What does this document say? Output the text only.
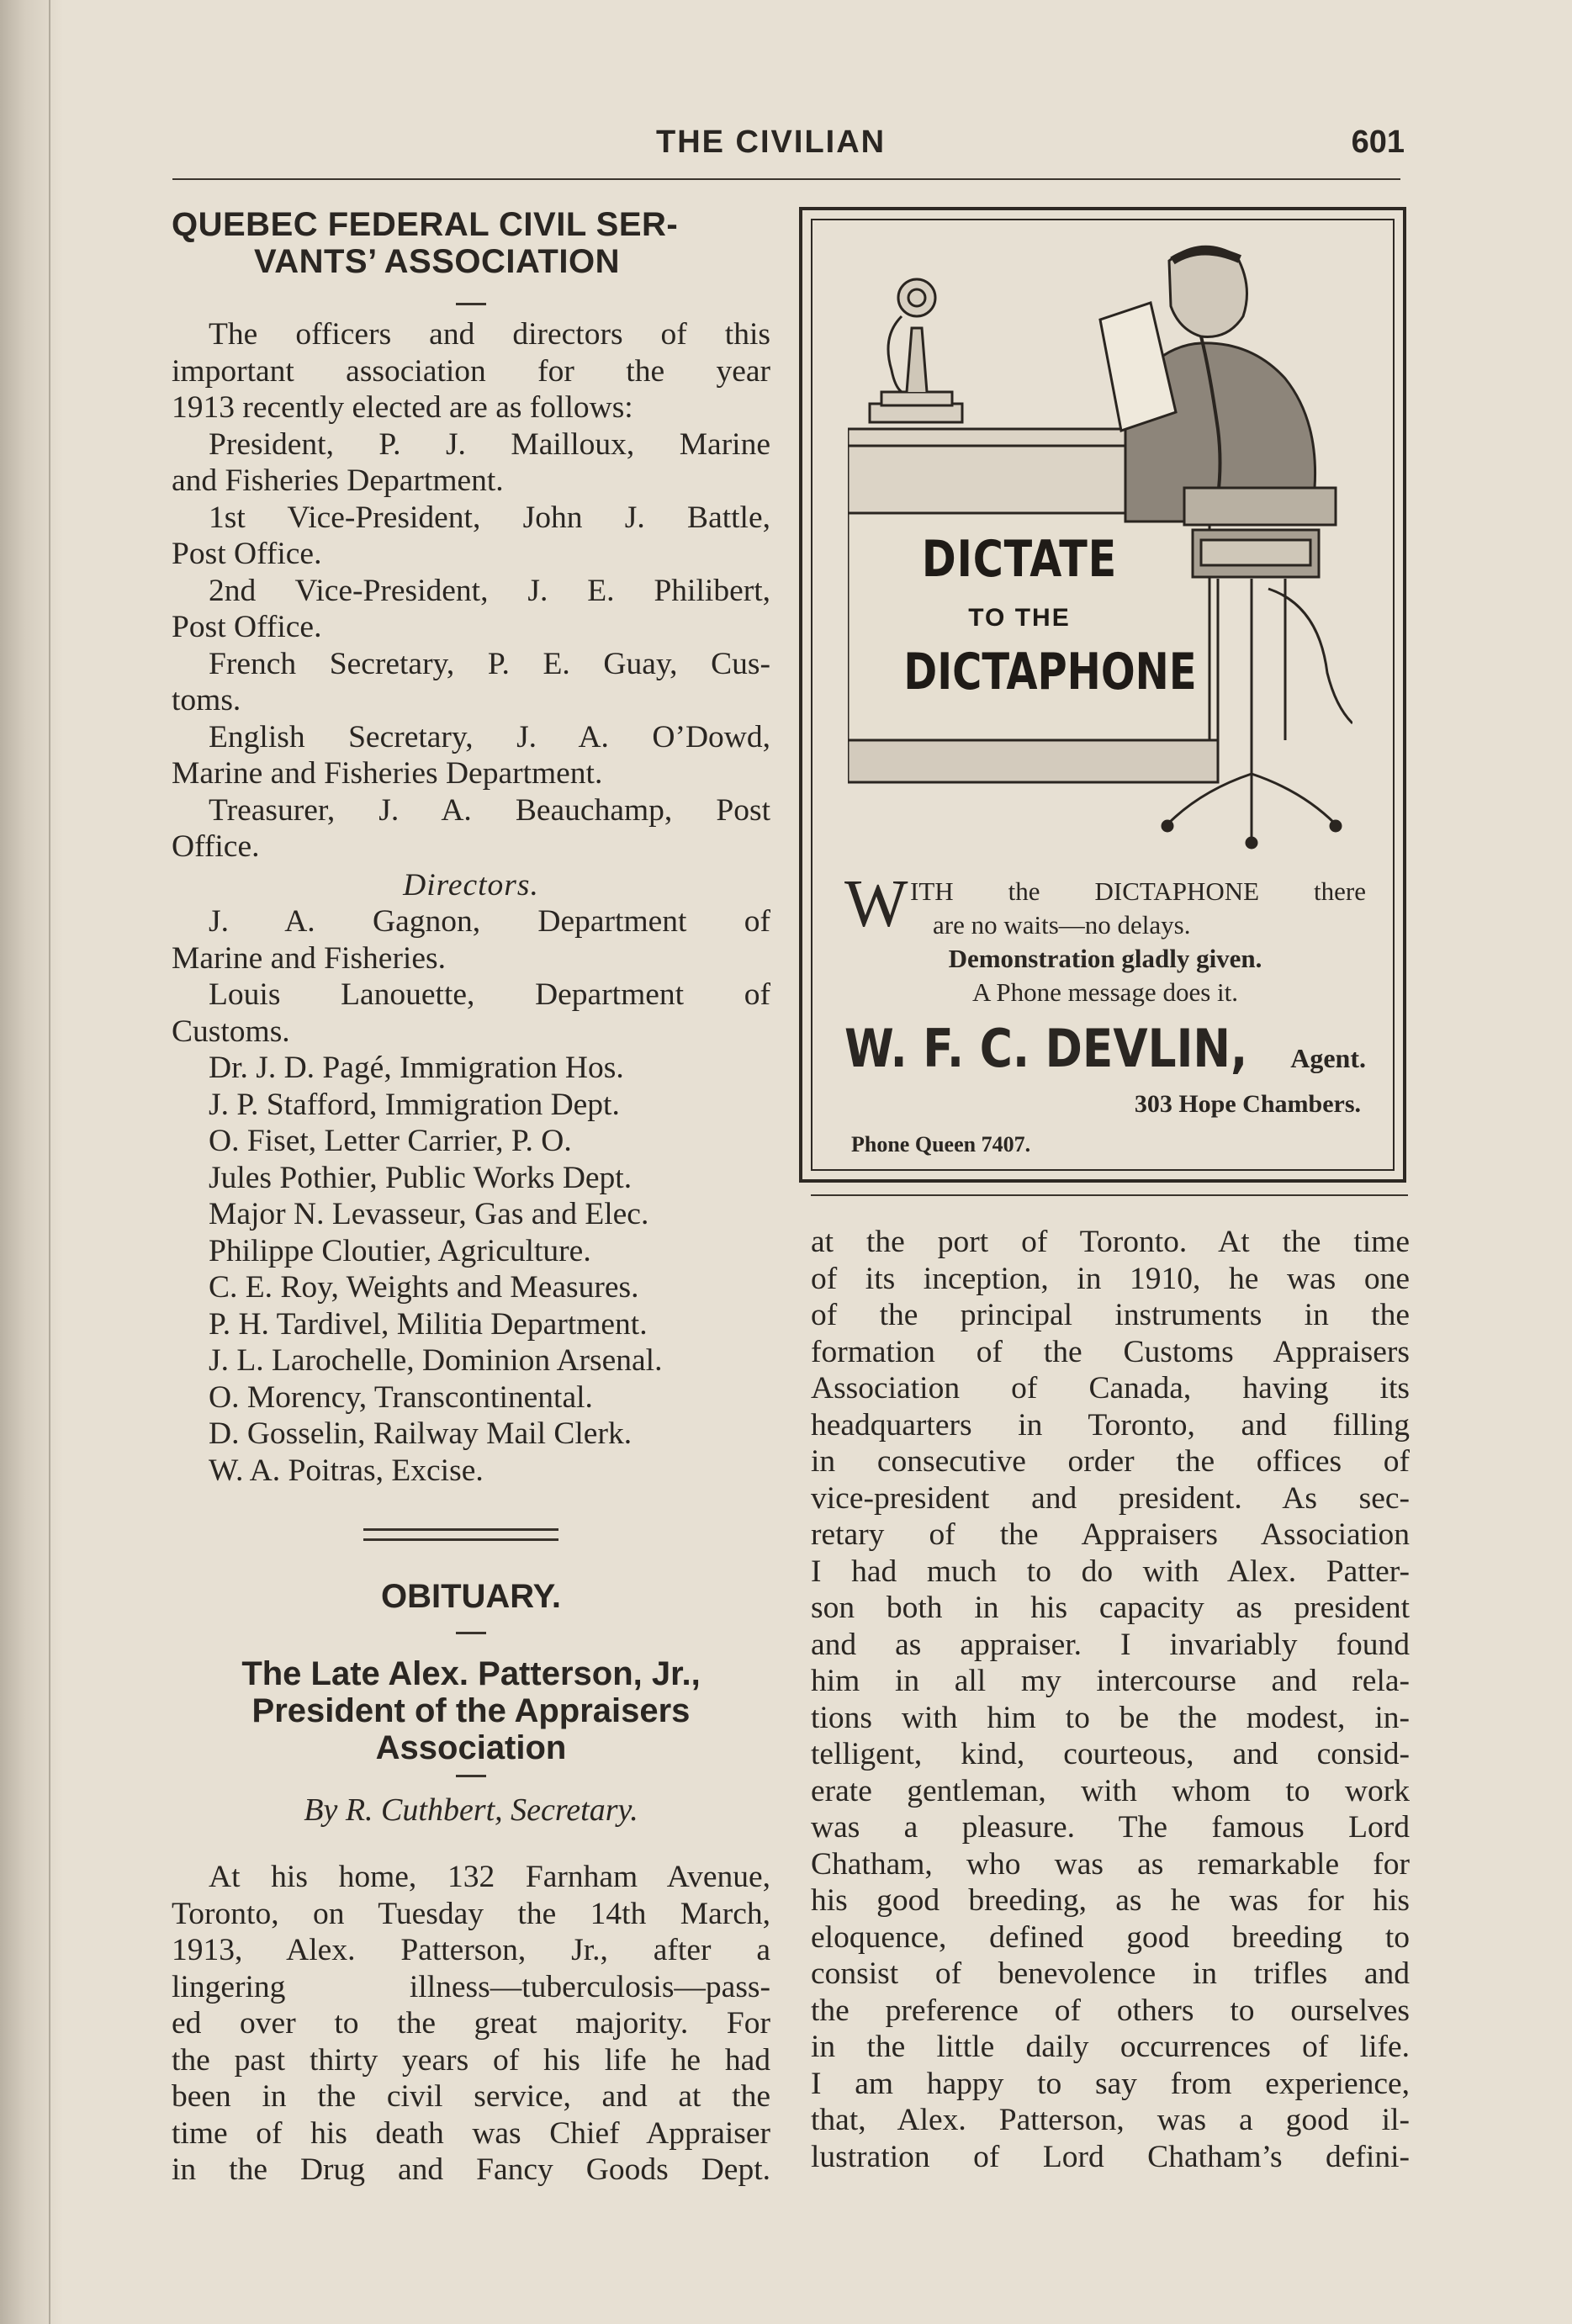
THE CIVILIAN	601
QUEBEC FEDERAL CIVIL SER-
VANTS’ ASSOCIATION

The officers and directors of this

important association for the year

1913 recently elected are as follows:

President, P. J. Mailloux, Marine

and Fisheries Department.

1st Vice-President, John J. Battle,

Post Office.

2nd Vice-President, J. E. Philibert,

Post Office.

French Secretary, P. E. Guay, Cus-

toms.

English Secretary, J. A. O’Dowd,

Marine and Fisheries Department.

Treasurer, J. A. Beauchamp, Post

Office.

Directors.

J. A. Gagnon, Department of

Marine and Fisheries.

Louis Lanouette, Department of

Customs.

Dr. J. D. Pagé, Immigration Hos.

J. P. Stafford, Immigration Dept.

O. Fiset, Letter Carrier, P. O.

Jules Pothier, Public Works Dept.

Major N. Levasseur, Gas and Elec.

Philippe Cloutier, Agriculture.

C. E. Roy, Weights and Measures.

P. H. Tardivel, Militia Department.

J. L. Larochelle, Dominion Arsenal.

O. Morency, Transcontinental.

D. Gosselin, Railway Mail Clerk.

W. A. Poitras, Excise.

OBITUARY.
The Late Alex. Patterson, Jr.,
President of the Appraisers
Association
By R. Cuthbert, Secretary.

At his home, 132 Farnham Avenue,

Toronto, on Tuesday the 14th March,

1913, Alex. Patterson, Jr., after a

lingering illness—tuberculosis—pass-

ed over to the great majority. For

the past thirty years of his life he had

been in the civil service, and at the

time of his death was Chief Appraiser

in the Drug and Fancy Goods Dept.

DICTATE
TO THE
DICTAPHONE
W ITH the DICTAPHONE there
are no waits—no delays.
Demonstration gladly given.
A Phone message does it.
W. F. C. DEVLIN, Agent.
303 Hope Chambers.
Phone Queen 7407.

at the port of Toronto. At the time

of its inception, in 1910, he was one

of the principal instruments in the

formation of the Customs Appraisers

Association of Canada, having its

headquarters in Toronto, and filling

in consecutive order the offices of

vice-president and president. As sec-

retary of the Appraisers Association

I had much to do with Alex. Patter-

son both in his capacity as president

and as appraiser. I invariably found

him in all my intercourse and rela-

tions with him to be the modest, in-

telligent, kind, courteous, and consid-

erate gentleman, with whom to work

was a pleasure. The famous Lord

Chatham, who was as remarkable for

his good breeding, as he was for his

eloquence, defined good breeding to

consist of benevolence in trifles and

the preference of others to ourselves

in the little daily occurrences of life.

I am happy to say from experience,

that, Alex. Patterson, was a good il-

lustration of Lord Chatham’s defini-
